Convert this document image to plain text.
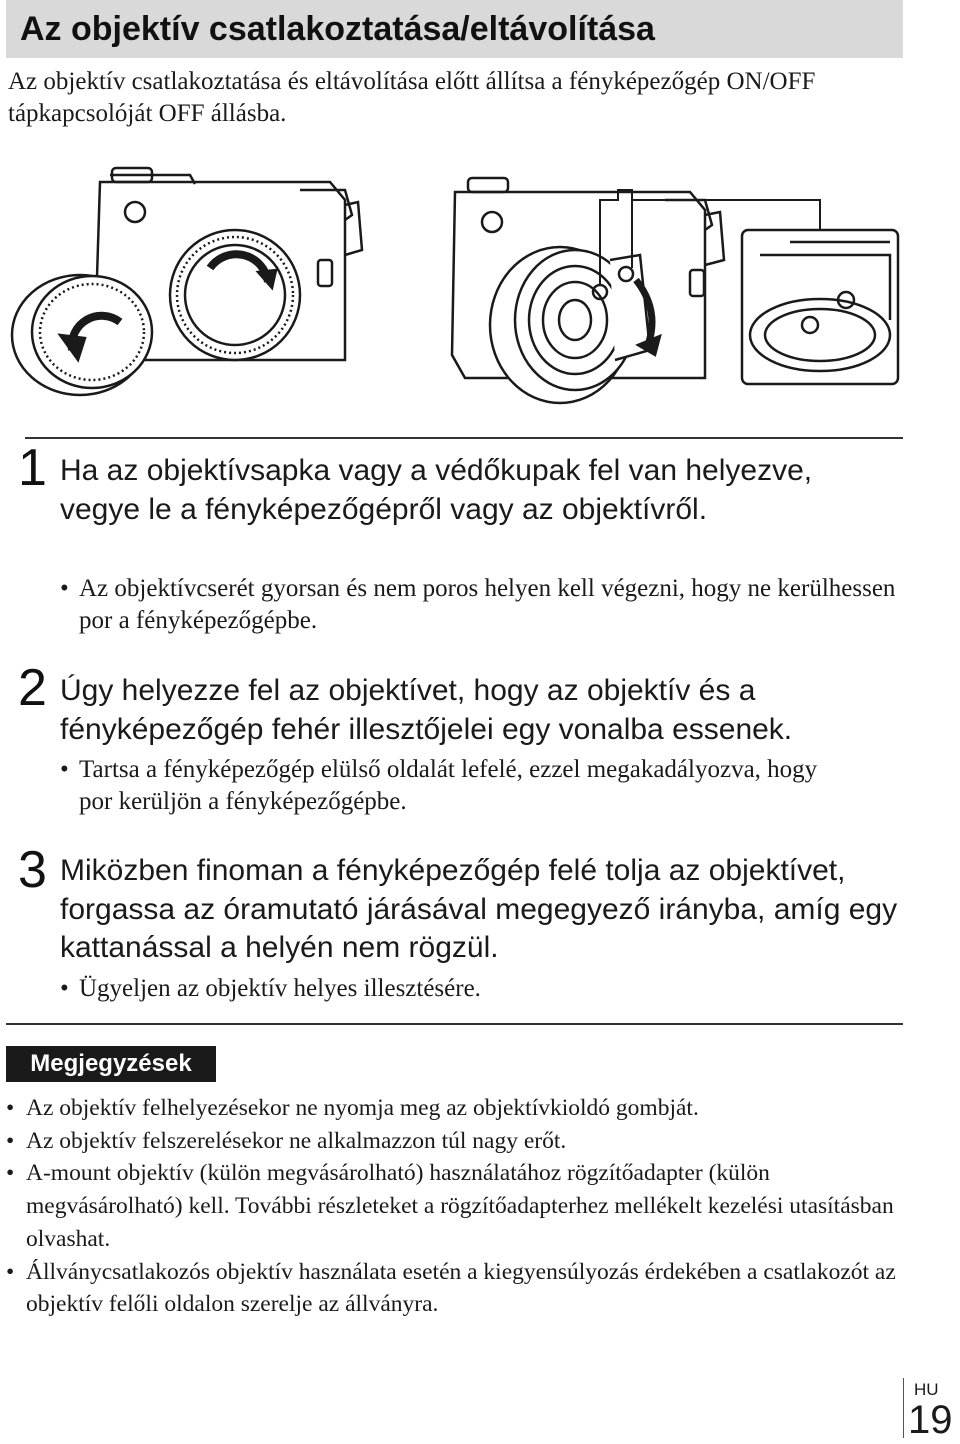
Az objektív csatlakoztatása/eltávolítása

Az objektív csatlakoztatása és eltávolítása előtt állítsa a fényképezőgép ON/OFF tápkapcsolóját OFF állásba.

1 Ha az objektívsapka vagy a védőkupak fel van helyezve, vegye le a fényképezőgépről vagy az objektívről.

• Az objektívcserét gyorsan és nem poros helyen kell végezni, hogy ne kerülhessen por a fényképezőgépbe.

2 Úgy helyezze fel az objektívet, hogy az objektív és a fényképezőgép fehér illesztőjelei egy vonalba essenek.

• Tartsa a fényképezőgép elülső oldalát lefelé, ezzel megakadályozva, hogy por kerüljön a fényképezőgépbe.

3 Miközben finoman a fényképezőgép felé tolja az objektívet, forgassa az óramutató járásával megegyező irányba, amíg egy kattanással a helyén nem rögzül.

• Ügyeljen az objektív helyes illesztésére.

Megjegyzések
• Az objektív felhelyezésekor ne nyomja meg az objektívkioldó gombját.
• Az objektív felszerelésekor ne alkalmazzon túl nagy erőt.
• A-mount objektív (külön megvásárolható) használatához rögzítőadapter (külön megvásárolható) kell. További részleteket a rögzítőadapterhez mellékelt kezelési utasításban olvashat.
• Állványcsatlakozós objektív használata esetén a kiegyensúlyozás érdekében a csatlakozót az objektív felőli oldalon szerelje az állványra.
HU
19
